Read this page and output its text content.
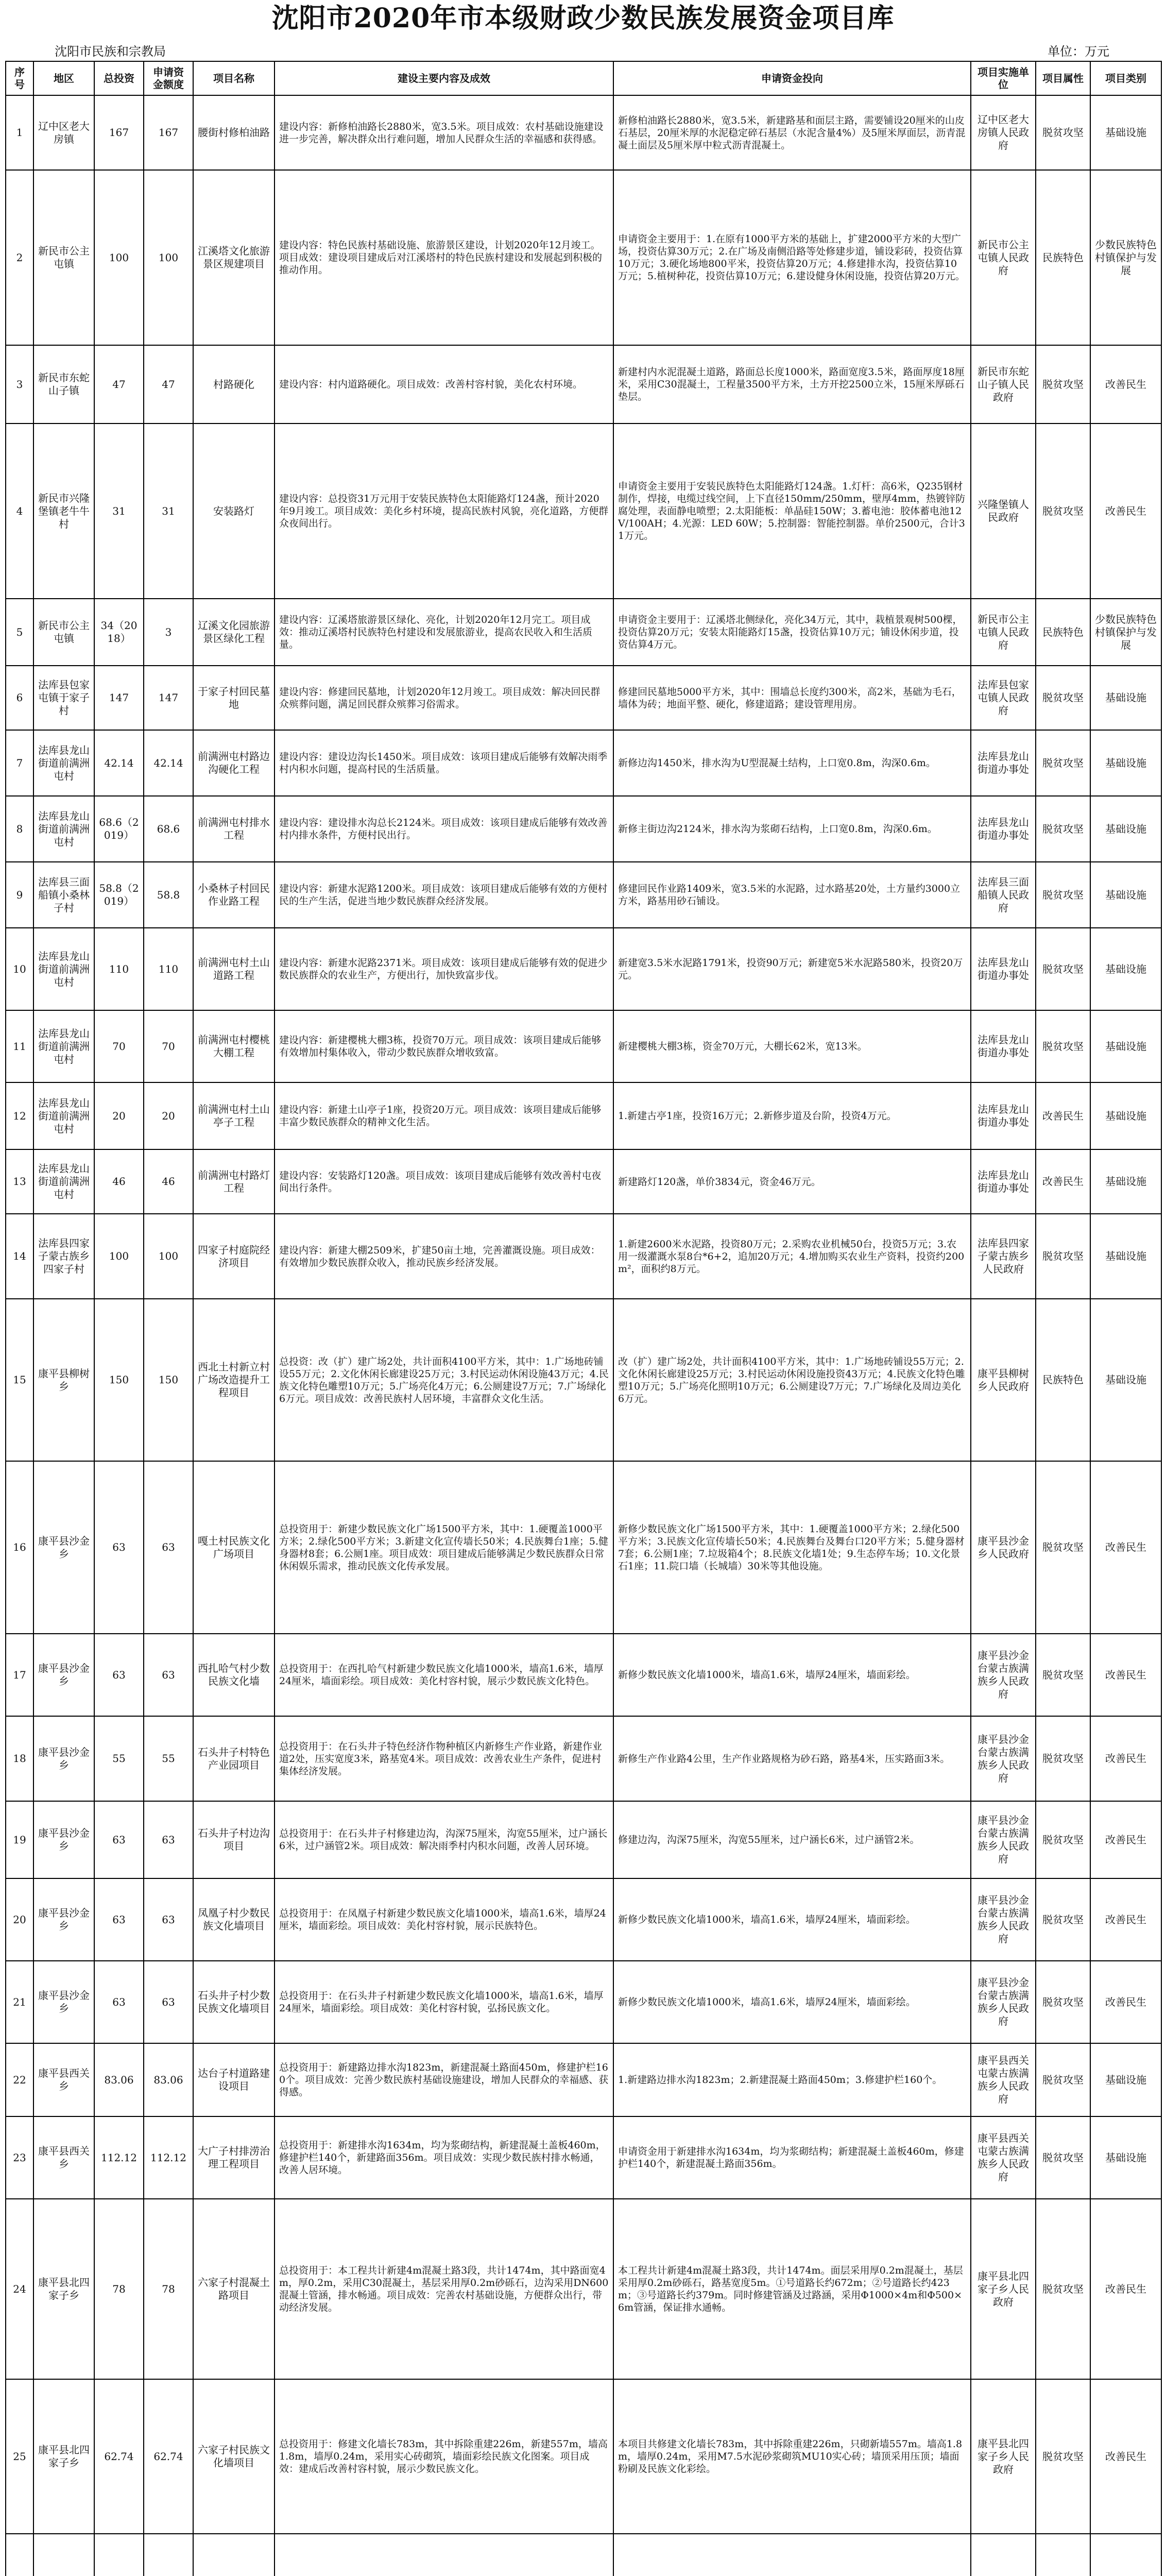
沈阳市2020年市本级财政少数民族发展资金项目库
沈阳市民族和宗教局	单位：万元
序号	地区	总投资	申请资金额度	项目名称	建设主要内容及成效	申请资金投向	项目实施单位	项目属性	项目类别
1	辽中区老大房镇	167	167	腰街村修柏油路	建设内容：新修柏油路长2880米，宽3.5米。项目成效：农村基础设施建设进一步完善，解决群众出行难问题，增加人民群众生活的幸福感和获得感。	新修柏油路长2880米，宽3.5米，新建路基和面层主路，需要铺设20厘米的山皮石基层，20厘米厚的水泥稳定碎石基层（水泥含量4%）及5厘米厚面层，沥青混凝土面层及5厘米厚中粒式沥青混凝土。	辽中区老大房镇人民政府	脱贫攻坚	基础设施
2	新民市公主屯镇	100	100	江溪塔文化旅游景区规建项目	建设内容：特色民族村基础设施、旅游景区建设，计划2020年12月竣工。项目成效：建设项目建成后对江溪塔村的特色民族村建设和发展起到积极的推动作用。	申请资金主要用于：1.在原有1000平方米的基础上，扩建2000平方米的大型广场，投资估算30万元；2.在广场及南侧沿路等处修建步道，铺设彩砖，投资估算10万元；3.硬化场地800平米，投资估算20万元；4.修建排水沟，投资估算10万元；5.植树种花，投资估算10万元；6.建设健身休闲设施，投资估算20万元。	新民市公主屯镇人民政府	民族特色	少数民族特色村镇保护与发展
3	新民市东蛇山子镇	47	47	村路硬化	建设内容：村内道路硬化。项目成效：改善村容村貌，美化农村环境。	新建村内水泥混凝土道路，路面总长度1000米，路面宽度3.5米，路面厚度18厘米，采用C30混凝土，工程量3500平方米，土方开挖2500立米，15厘米厚砾石垫层。	新民市东蛇山子镇人民政府	脱贫攻坚	改善民生
4	新民市兴隆堡镇老牛牛村	31	31	安装路灯	建设内容：总投资31万元用于安装民族特色太阳能路灯124盏，预计2020年9月竣工。项目成效：美化乡村环境，提高民族村风貌，亮化道路，方便群众夜间出行。	申请资金主要用于安装民族特色太阳能路灯124盏。1.灯杆：高6米，Q235钢材制作，焊接，电缆过线空间，上下直径150mm/250mm，壁厚4mm，热镀锌防腐处理，表面静电喷塑；2.太阳能板：单晶硅150W；3.蓄电池：胶体蓄电池12V/100AH；4.光源：LED 60W；5.控制器：智能控制器。单价2500元，合计31万元。	兴隆堡镇人民政府	脱贫攻坚	改善民生
5	新民市公主屯镇	34（2018）	3	辽溪文化园旅游景区绿化工程	建设内容：辽溪塔旅游景区绿化、亮化，计划2020年12月完工。项目成效：推动辽溪塔村民族特色村建设和发展旅游业，提高农民收入和生活质量。	申请资金主要用于：辽溪塔北侧绿化，亮化34万元，其中，栽植景观树500棵，投资估算20万元；安装太阳能路灯15盏，投资估算10万元；铺设休闲步道，投资估算4万元。	新民市公主屯镇人民政府	民族特色	少数民族特色村镇保护与发展
6	法库县包家屯镇于家子村	147	147	于家子村回民墓地	建设内容：修建回民墓地，计划2020年12月竣工。项目成效：解决回民群众殡葬问题，满足回民群众殡葬习俗需求。	修建回民墓地5000平方米，其中：围墙总长度约300米，高2米，基础为毛石，墙体为砖；地面平整、硬化，修建道路；建设管理用房。	法库县包家屯镇人民政府	脱贫攻坚	基础设施
7	法库县龙山街道前满洲屯村	42.14	42.14	前满洲屯村路边沟硬化工程	建设内容：建设边沟长1450米。项目成效：该项目建成后能够有效解决雨季村内积水问题，提高村民的生活质量。	新修边沟1450米，排水沟为U型混凝土结构，上口宽0.8m，沟深0.6m。	法库县龙山街道办事处	脱贫攻坚	基础设施
8	法库县龙山街道前满洲屯村	68.6（2019）	68.6	前满洲屯村排水工程	建设内容：建设排水沟总长2124米。项目成效：该项目建成后能够有效改善村内排水条件，方便村民出行。	新修主街边沟2124米，排水沟为浆砌石结构，上口宽0.8m，沟深0.6m。	法库县龙山街道办事处	脱贫攻坚	基础设施
9	法库县三面船镇小桑林子村	58.8（2019）	58.8	小桑林子村回民作业路工程	建设内容：新建水泥路1200米。项目成效：该项目建成后能够有效的方便村民的生产生活，促进当地少数民族群众经济发展。	修建回民作业路1409米，宽3.5米的水泥路，过水路基20处，土方量约3000立方米，路基用砂石铺设。	法库县三面船镇人民政府	脱贫攻坚	基础设施
10	法库县龙山街道前满洲屯村	110	110	前满洲屯村土山道路工程	建设内容：新建水泥路2371米。项目成效：该项目建成后能够有效的促进少数民族群众的农业生产，方便出行，加快致富步伐。	新建宽3.5米水泥路1791米，投资90万元；新建宽5米水泥路580米，投资20万元。	法库县龙山街道办事处	脱贫攻坚	基础设施
11	法库县龙山街道前满洲屯村	70	70	前满洲屯村樱桃大棚工程	建设内容：新建樱桃大棚3栋，投资70万元。项目成效：该项目建成后能够有效增加村集体收入，带动少数民族群众增收致富。	新建樱桃大棚3栋，资金70万元，大棚长62米，宽13米。	法库县龙山街道办事处	脱贫攻坚	基础设施
12	法库县龙山街道前满洲屯村	20	20	前满洲屯村土山亭子工程	建设内容：新建土山亭子1座，投资20万元。项目成效：该项目建成后能够丰富少数民族群众的精神文化生活。	1.新建古亭1座，投资16万元；2.新修步道及台阶，投资4万元。	法库县龙山街道办事处	改善民生	基础设施
13	法库县龙山街道前满洲屯村	46	46	前满洲屯村路灯工程	建设内容：安装路灯120盏。项目成效：该项目建成后能够有效改善村屯夜间出行条件。	新建路灯120盏，单价3834元，资金46万元。	法库县龙山街道办事处	改善民生	基础设施
14	法库县四家子蒙古族乡四家子村	100	100	四家子村庭院经济项目	建设内容：新建大棚2509米，扩建50亩土地，完善灌溉设施。项目成效：有效增加少数民族群众收入，推动民族乡经济发展。	1.新建2600米水泥路，投资80万元；2.采购农业机械50台，投资5万元；3.农用一级灌溉水泵8台*6+2，追加20万元；4.增加购买农业生产资料，投资约200m²，面积约8万元。	法库县四家子蒙古族乡人民政府	脱贫攻坚	基础设施
15	康平县柳树乡	150	150	西北土村新立村广场改造提升工程项目	总投资：改（扩）建广场2处，共计面积4100平方米，其中：1.广场地砖铺设55万元；2.文化休闲长廊建设25万元；3.村民运动休闲设施43万元；4.民族文化特色雕塑10万元；5.广场亮化4万元；6.公厕建设7万元；7.广场绿化6万元。项目成效：改善民族村人居环境，丰富群众文化生活。	改（扩）建广场2处，共计面积4100平方米，其中：1.广场地砖铺设55万元；2.文化休闲长廊建设25万元；3.村民运动休闲设施投资43万元；4.民族文化特色雕塑10万元；5.广场亮化照明10万元；6.公厕建设7万元；7.广场绿化及周边美化6万元。	康平县柳树乡人民政府	民族特色	基础设施
16	康平县沙金乡	63	63	嘎土村民族文化广场项目	总投资用于：新建少数民族文化广场1500平方米，其中：1.硬覆盖1000平方米；2.绿化500平方米；3.新建文化宣传墙长50米；4.民族舞台1座；5.健身器材8套；6.公厕1座。项目成效：项目建成后能够满足少数民族群众日常休闲娱乐需求，推动民族文化传承发展。	新修少数民族文化广场1500平方米，其中：1.硬覆盖1000平方米；2.绿化500平方米；3.民族文化宣传墙长50米；4.民族舞台及舞台口20平方米；5.健身器材7套；6.公厕1座；7.垃圾箱4个；8.民族文化墙1处；9.生态停车场；10.文化景石1座；11.院口墙（长城墙）30米等其他设施。	康平县沙金乡人民政府	脱贫攻坚	改善民生
17	康平县沙金乡	63	63	西扎哈气村少数民族文化墙	总投资用于：在西扎哈气村新建少数民族文化墙1000米，墙高1.6米，墙厚24厘米，墙面彩绘。项目成效：美化村容村貌，展示少数民族文化特色。	新修少数民族文化墙1000米，墙高1.6米，墙厚24厘米，墙面彩绘。	康平县沙金台蒙古族满族乡人民政府	脱贫攻坚	改善民生
18	康平县沙金乡	55	55	石头井子村特色产业园项目	总投资用于：在石头井子特色经济作物种植区内新修生产作业路，新建作业道2处，压实宽度3米，路基宽4米。项目成效：改善农业生产条件，促进村集体经济发展。	新修生产作业路4公里，生产作业路规格为砂石路，路基4米，压实路面3米。	康平县沙金台蒙古族满族乡人民政府	脱贫攻坚	改善民生
19	康平县沙金乡	63	63	石头井子村边沟项目	总投资用于：在石头井子村修建边沟，沟深75厘米，沟宽55厘米，过户涵长6米，过户涵管2米。项目成效：解决雨季村内积水问题，改善人居环境。	修建边沟，沟深75厘米，沟宽55厘米，过户涵长6米，过户涵管2米。	康平县沙金台蒙古族满族乡人民政府	脱贫攻坚	改善民生
20	康平县沙金乡	63	63	凤凰子村少数民族文化墙项目	总投资用于：在凤凰子村新建少数民族文化墙1000米，墙高1.6米，墙厚24厘米，墙面彩绘。项目成效：美化村容村貌，展示民族特色。	新修少数民族文化墙1000米，墙高1.6米，墙厚24厘米，墙面彩绘。	康平县沙金台蒙古族满族乡人民政府	脱贫攻坚	改善民生
21	康平县沙金乡	63	63	石头井子村少数民族文化墙项目	总投资用于：在石头井子村新建少数民族文化墙1000米，墙高1.6米，墙厚24厘米，墙面彩绘。项目成效：美化村容村貌，弘扬民族文化。	新修少数民族文化墙1000米，墙高1.6米，墙厚24厘米，墙面彩绘。	康平县沙金台蒙古族满族乡人民政府	脱贫攻坚	改善民生
22	康平县西关乡	83.06	83.06	达台子村道路建设项目	总投资用于：新建路边排水沟1823m，新建混凝土路面450m，修建护栏160个。项目成效：完善少数民族村基础设施建设，增加人民群众的幸福感、获得感。	1.新建路边排水沟1823m；2.新建混凝土路面450m；3.修建护栏160个。	康平县西关屯蒙古族满族乡人民政府	脱贫攻坚	基础设施
23	康平县西关乡	112.12	112.12	大广子村排涝治理工程项目	总投资用于：新建排水沟1634m，均为浆砌结构，新建混凝土盖板460m，修建护栏140个，新建路面356m。项目成效：实现少数民族村排水畅通，改善人居环境。	申请资金用于新建排水沟1634m，均为浆砌结构；新建混凝土盖板460m，修建护栏140个，新建混凝土路面356m。	康平县西关屯蒙古族满族乡人民政府	脱贫攻坚	基础设施
24	康平县北四家子乡	78	78	六家子村混凝土路项目	总投资用于：本工程共计新建4m混凝土路3段，共计1474m，其中路面宽4m，厚0.2m，采用C30混凝土，基层采用厚0.2m砂砾石，边沟采用DN600混凝土管涵，排水畅通。项目成效：完善农村基础设施，方便群众出行，带动经济发展。	本工程共计新建4m混凝土路3段，共计1474m。面层采用厚0.2m混凝土，基层采用厚0.2m砂砾石，路基宽度5m。①号道路长约672m；②号道路长约423m；③号道路长约379m。同时修建管涵及过路涵，采用Φ1000×4m和Φ500×6m管涵，保证排水通畅。	康平县北四家子乡人民政府	脱贫攻坚	改善民生
25	康平县北四家子乡	62.74	62.74	六家子村民族文化墙项目	总投资用于：修建文化墙长783m，其中拆除重建226m，新建557m，墙高1.8m，墙厚0.24m，采用实心砖砌筑，墙面彩绘民族文化图案。项目成效：建成后改善村容村貌，展示少数民族文化。	本项目共修建文化墙长783m，其中拆除重建226m，只砌新墙557m。墙高1.8m，墙厚0.24m，采用M7.5水泥砂浆砌筑MU10实心砖；墙顶采用压顶；墙面粉刷及民族文化彩绘。	康平县北四家子乡人民政府	脱贫攻坚	改善民生
